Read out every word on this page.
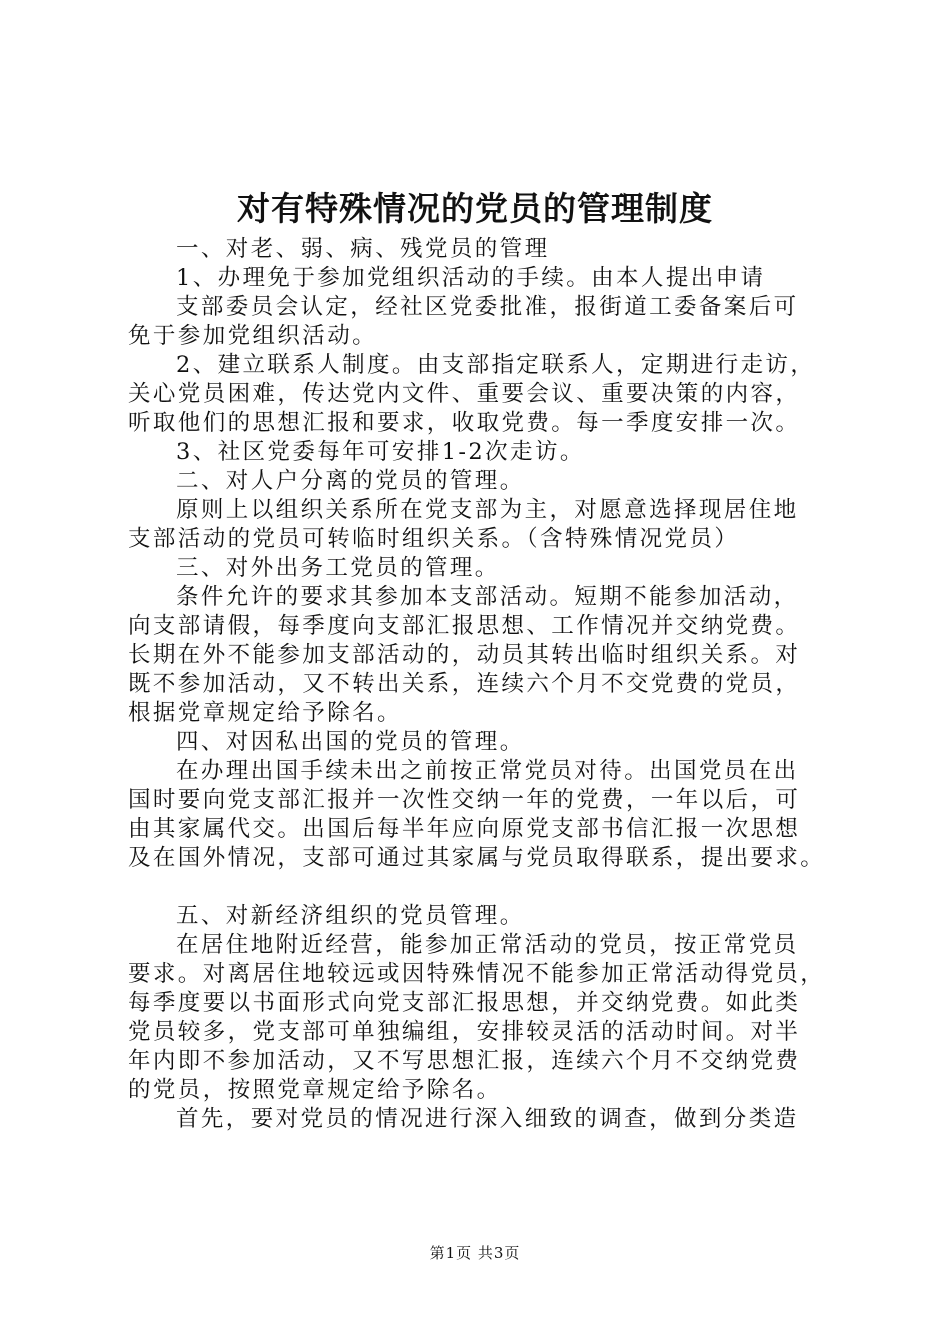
对有特殊情况的党员的管理制度
一、对老、弱、病、残党员的管理
1、办理免于参加党组织活动的手续。由本人提出申请
支部委员会认定，经社区党委批准，报街道工委备案后可
免于参加党组织活动。
2、建立联系人制度。由支部指定联系人，定期进行走访，
关心党员困难，传达党内文件、重要会议、重要决策的内容，
听取他们的思想汇报和要求，收取党费。每一季度安排一次。
3、社区党委每年可安排1-2次走访。
二、对人户分离的党员的管理。
原则上以组织关系所在党支部为主，对愿意选择现居住地
支部活动的党员可转临时组织关系。（含特殊情况党员）
三、对外出务工党员的管理。
条件允许的要求其参加本支部活动。短期不能参加活动，
向支部请假，每季度向支部汇报思想、工作情况并交纳党费。
长期在外不能参加支部活动的，动员其转出临时组织关系。对
既不参加活动，又不转出关系，连续六个月不交党费的党员，
根据党章规定给予除名。
四、对因私出国的党员的管理。
在办理出国手续未出之前按正常党员对待。出国党员在出
国时要向党支部汇报并一次性交纳一年的党费，一年以后，可
由其家属代交。出国后每半年应向原党支部书信汇报一次思想
及在国外情况，支部可通过其家属与党员取得联系，提出要求。
五、对新经济组织的党员管理。
在居住地附近经营，能参加正常活动的党员，按正常党员
要求。对离居住地较远或因特殊情况不能参加正常活动得党员，
每季度要以书面形式向党支部汇报思想，并交纳党费。如此类
党员较多，党支部可单独编组，安排较灵活的活动时间。对半
年内即不参加活动，又不写思想汇报，连续六个月不交纳党费
的党员，按照党章规定给予除名。
首先，要对党员的情况进行深入细致的调查，做到分类造
第1页 共3页
